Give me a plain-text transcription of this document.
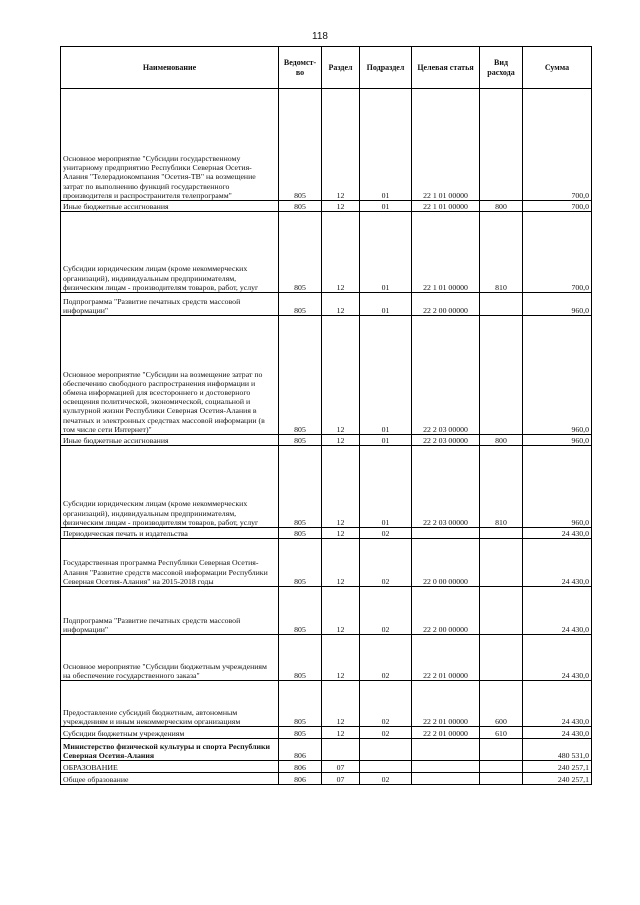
118
Наименование	Ведомст-во	Раздел	Подраздел	Целевая статья	Вид расхода	Сумма
Основное мероприятие "Субсидии государственному унитарному предприятию Республики Северная Осетия-Алания "Телерадиокомпания "Осетия-ТВ" на возмещение затрат по выполнению функций государственного производителя и распространителя телепрограмм"	805	12	01	22 1 01 00000		700,0
Иные бюджетные ассигнования	805	12	01	22 1 01 00000	800	700,0
Субсидии юридическим лицам (кроме некоммерческих организаций), индивидуальным предпринимателям, физическим лицам - производителям товаров, работ, услуг	805	12	01	22 1 01 00000	810	700,0
Подпрограмма "Развитие печатных средств массовой информации"	805	12	01	22 2 00 00000		960,0
Основное мероприятие "Субсидии на возмещение затрат по обеспечению свободного распространения информации и обмена информацией для всестороннего и достоверного освещения политической, экономической, социальной и культурной жизни Республики Северная Осетия-Алания в печатных и электронных средствах массовой информации (в том числе сети Интернет)"	805	12	01	22 2 03 00000		960,0
Иные бюджетные ассигнования	805	12	01	22 2 03 00000	800	960,0
Субсидии юридическим лицам (кроме некоммерческих организаций), индивидуальным предпринимателям, физическим лицам - производителям товаров, работ, услуг	805	12	01	22 2 03 00000	810	960,0
Периодическая печать и издательства	805	12	02			24 430,0
Государственная программа Республики Северная Осетия-Алания "Развитие средств массовой информации Республики Северная Осетия-Алания" на 2015-2018 годы	805	12	02	22 0 00 00000		24 430,0
Подпрограмма "Развитие печатных средств массовой информации"	805	12	02	22 2 00 00000		24 430,0
Основное мероприятие "Субсидии бюджетным учреждениям на обеспечение государственного заказа"	805	12	02	22 2 01 00000		24 430,0
Предоставление субсидий бюджетным, автономным учреждениям и иным некоммерческим организациям	805	12	02	22 2 01 00000	600	24 430,0
Субсидии бюджетным учреждениям	805	12	02	22 2 01 00000	610	24 430,0
Министерство физической культуры и спорта Республики Северная Осетия-Алания	806					480 531,0
ОБРАЗОВАНИЕ	806	07				240 257,1
Общее образование	806	07	02			240 257,1
